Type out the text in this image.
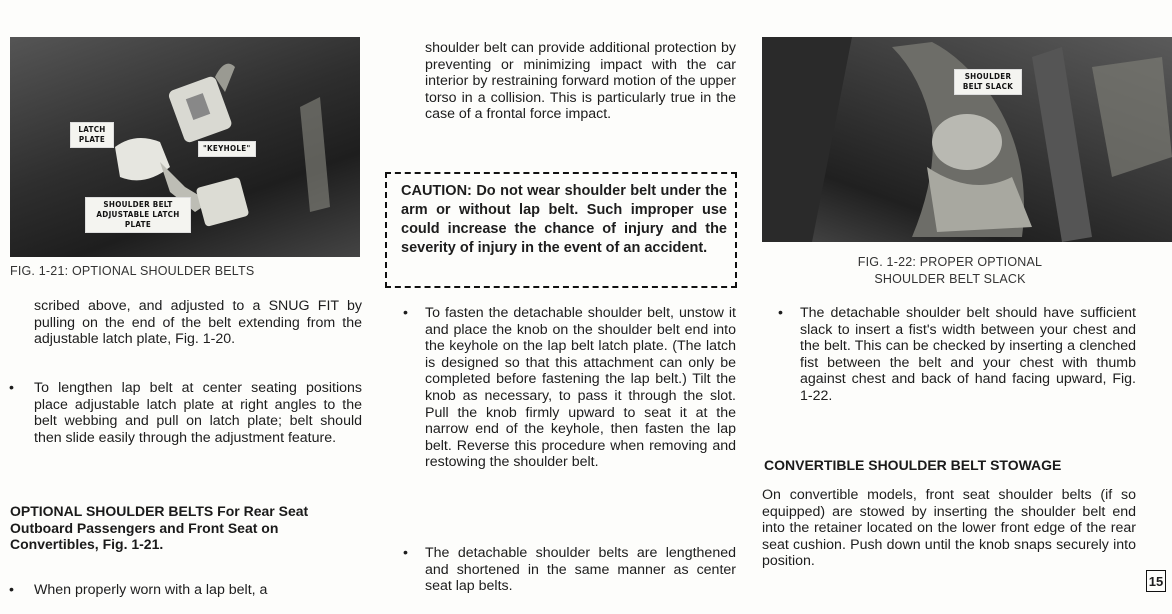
LATCH
PLATE
"KEYHOLE"
SHOULDER BELT
ADJUSTABLE LATCH
PLATE
FIG. 1-21: OPTIONAL SHOULDER BELTS
SHOULDER
BELT SLACK
FIG. 1-22: PROPER OPTIONAL
SHOULDER BELT SLACK

scribed above, and adjusted to a SNUG FIT by pulling on the end of the belt extending from the adjustable latch plate, Fig. 1-20.

• To lengthen lap belt at center seating positions place adjustable latch plate at right angles to the belt webbing and pull on latch plate; belt should then slide easily through the adjustment feature.

OPTIONAL SHOULDER BELTS For Rear Seat Outboard Passengers and Front Seat on Convertibles, Fig. 1-21.

• When properly worn with a lap belt, a

shoulder belt can provide additional protection by preventing or minimizing impact with the car interior by restraining forward motion of the upper torso in a collision. This is particularly true in the case of a frontal force impact.

CAUTION: Do not wear shoulder belt under the arm or without lap belt. Such improper use could increase the chance of injury and the severity of injury in the event of an accident.

• To fasten the detachable shoulder belt, unstow it and place the knob on the shoulder belt end into the keyhole on the lap belt latch plate. (The latch is designed so that this attachment can only be completed before fastening the lap belt.) Tilt the knob as necessary, to pass it through the slot. Pull the knob firmly upward to seat it at the narrow end of the keyhole, then fasten the lap belt. Reverse this procedure when removing and restowing the shoulder belt.
• The detachable shoulder belts are lengthened and shortened in the same manner as center seat lap belts.
• The detachable shoulder belt should have sufficient slack to insert a fist's width between your chest and the belt. This can be checked by inserting a clenched fist between the belt and your chest with thumb against chest and back of hand facing upward, Fig. 1-22.

CONVERTIBLE SHOULDER BELT STOWAGE

On convertible models, front seat shoulder belts (if so equipped) are stowed by inserting the shoulder belt end into the retainer located on the lower front edge of the rear seat cushion. Push down until the knob snaps securely into position.

15
